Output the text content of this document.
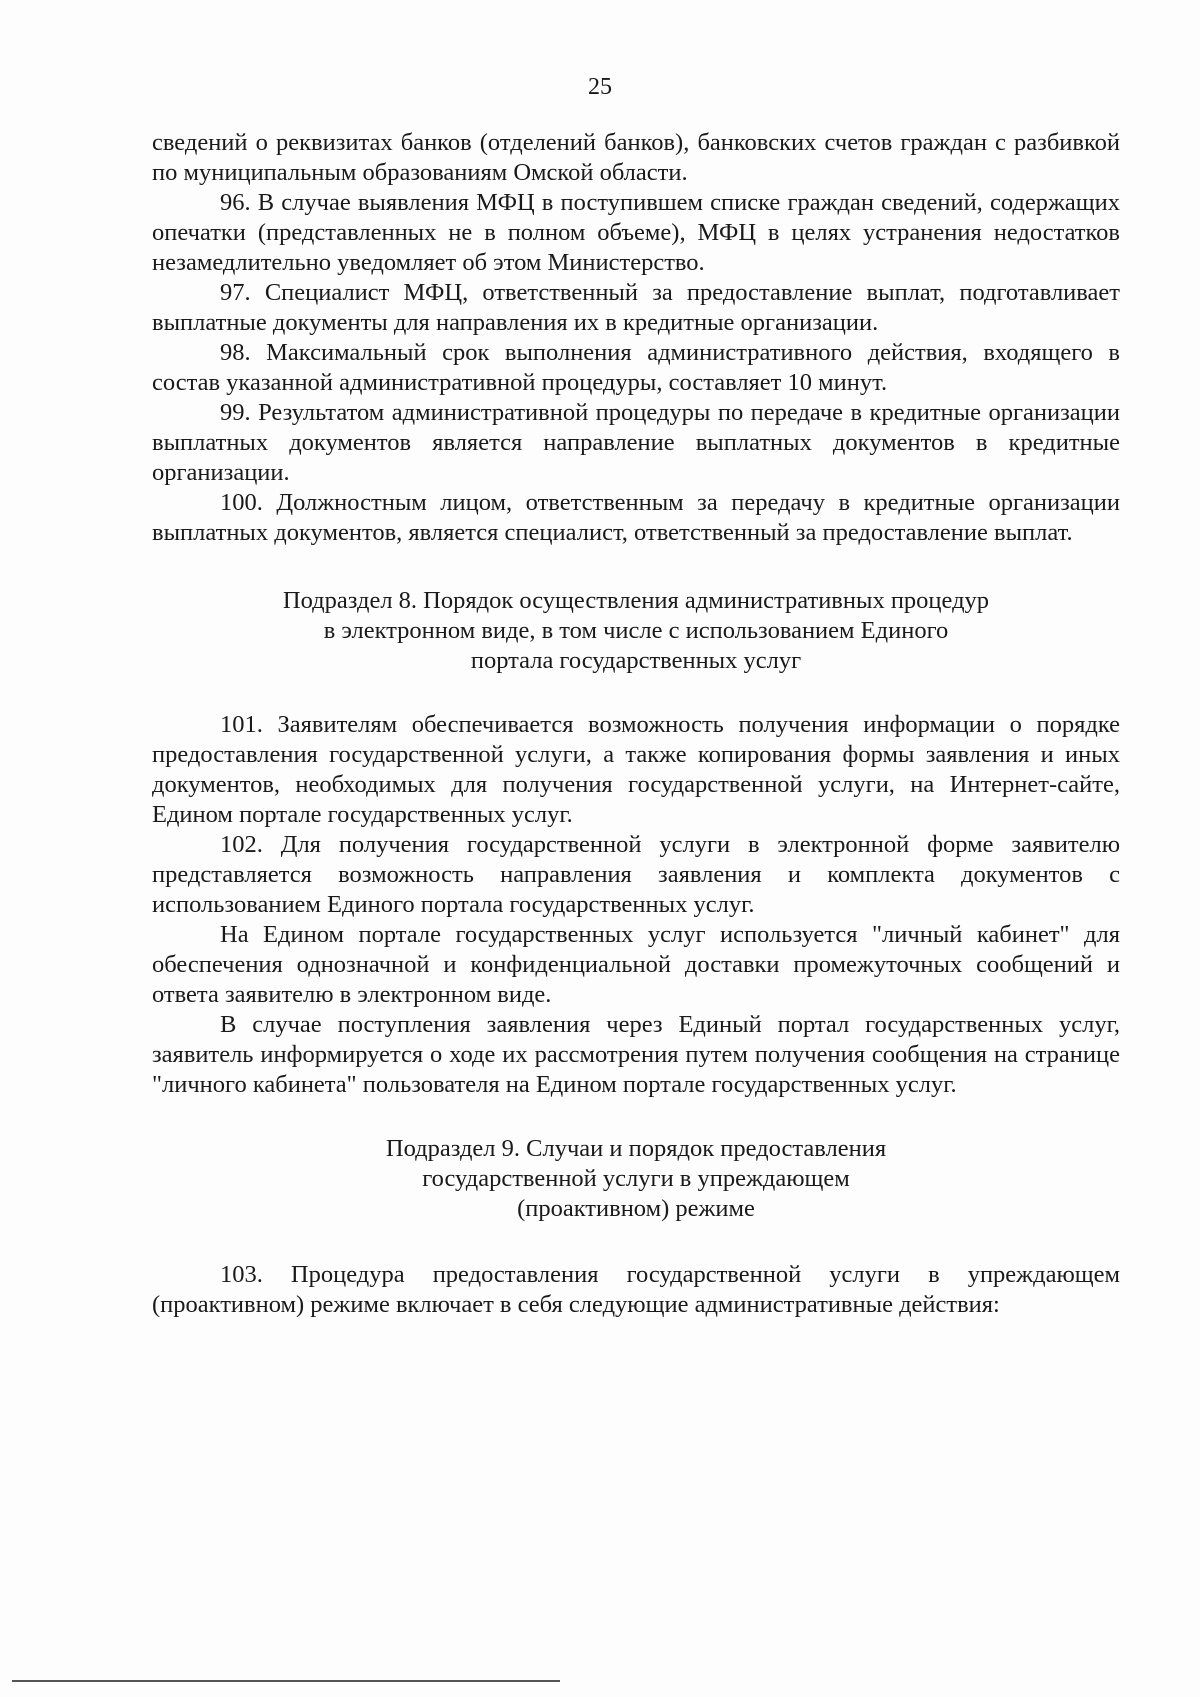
25

сведений о реквизитах банков (отделений банков), банковских счетов граждан с разбивкой по муниципальным образованиям Омской области.

96. В случае выявления МФЦ в поступившем списке граждан сведений, содержащих опечатки (представленных не в полном объеме), МФЦ в целях устранения недостатков незамедлительно уведомляет об этом Министерство.

97. Специалист МФЦ, ответственный за предоставление выплат, подготавливает выплатные документы для направления их в кредитные организации.

98. Максимальный срок выполнения административного действия, входящего в состав указанной административной процедуры, составляет 10 минут.

99. Результатом административной процедуры по передаче в кредитные организации выплатных документов является направление выплатных документов в кредитные организации.

100. Должностным лицом, ответственным за передачу в кредитные организации выплатных документов, является специалист, ответственный за предоставление выплат.

Подраздел 8. Порядок осуществления административных процедур
в электронном виде, в том числе с использованием Единого
портала государственных услуг

101. Заявителям обеспечивается возможность получения информации о порядке предоставления государственной услуги, а также копирования формы заявления и иных документов, необходимых для получения государственной услуги, на Интернет-сайте, Едином портале государственных услуг.

102. Для получения государственной услуги в электронной форме заявителю представляется возможность направления заявления и комплекта документов с использованием Единого портала государственных услуг.

На Едином портале государственных услуг используется "личный кабинет" для обеспечения однозначной и конфиденциальной доставки промежуточных сообщений и ответа заявителю в электронном виде.

В случае поступления заявления через Единый портал государственных услуг, заявитель информируется о ходе их рассмотрения путем получения сообщения на странице "личного кабинета" пользователя на Едином портале государственных услуг.

Подраздел 9. Случаи и порядок предоставления
государственной услуги в упреждающем
(проактивном) режиме

103. Процедура предоставления государственной услуги в упреждающем (проактивном) режиме включает в себя следующие административные действия:
